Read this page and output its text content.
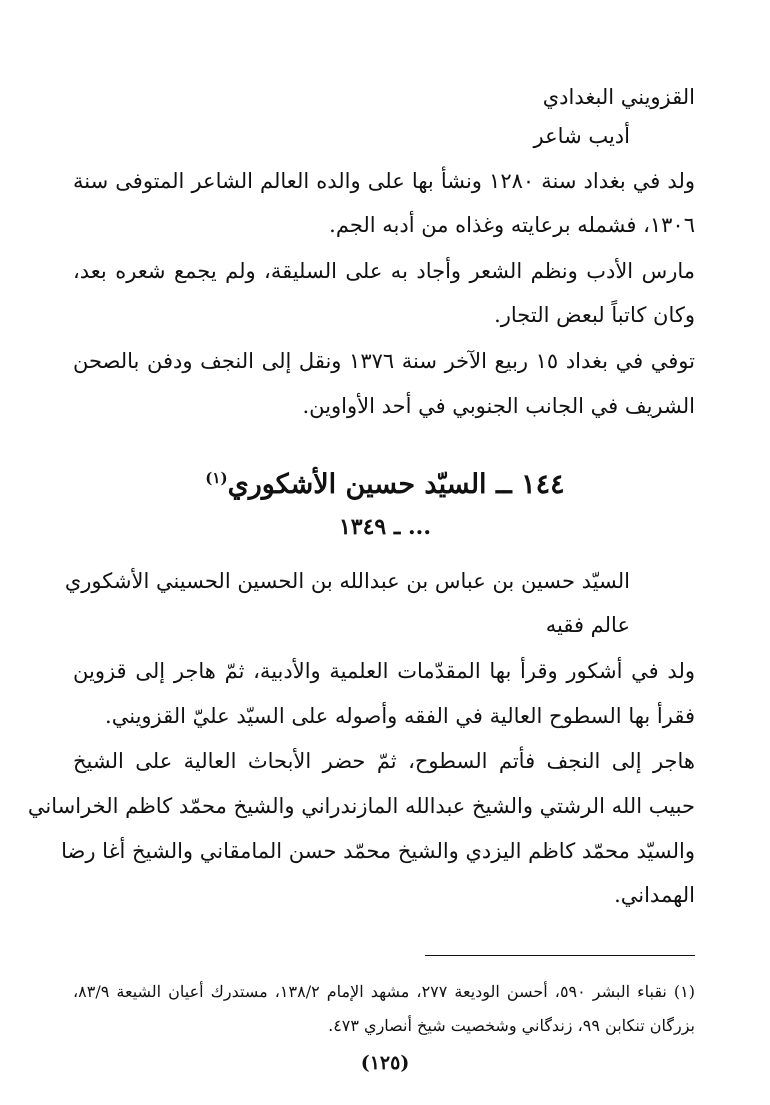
القزويني البغدادي
أديب شاعر
ولد في بغداد سنة ١٢٨٠ ونشأ بها على والده العالم الشاعر المتوفى سنة
١٣٠٦، فشمله برعايته وغذاه من أدبه الجم.
مارس الأدب ونظم الشعر وأجاد به على السليقة، ولم يجمع شعره بعد،
وكان كاتباً لبعض التجار.
توفي في بغداد ١٥ ربيع الآخر سنة ١٣٧٦ ونقل إلى النجف ودفن بالصحن
الشريف في الجانب الجنوبي في أحد الأواوين.
١٤٤ ــ السيّد حسين الأشكوري$^{(١)}$
... ـ ١٣٤٩
السيّد حسين بن عباس بن عبدالله بن الحسين الحسيني الأشكوري
عالم فقيه
ولد في أشكور وقرأ بها المقدّمات العلمية والأدبية، ثمّ هاجر إلى قزوين
فقرأ بها السطوح العالية في الفقه وأصوله على السيّد عليّ القزويني.
هاجر إلى النجف فأتم السطوح، ثمّ حضر الأبحاث العالية على الشيخ
حبيب الله الرشتي والشيخ عبدالله المازندراني والشيخ محمّد كاظم الخراساني
والسيّد محمّد كاظم اليزدي والشيخ محمّد حسن المامقاني والشيخ أغا رضا
الهمداني.
(١) نقباء البشر ٥٩٠، أحسن الوديعة ٢٧٧، مشهد الإمام ١٣٨/٢، مستدرك أعيان الشيعة ٨٣/٩،
بزرگان تنكابن ٩٩، زندگاني وشخصيت شيخ أنصاري ٤٧٣.
(١٢٥)
